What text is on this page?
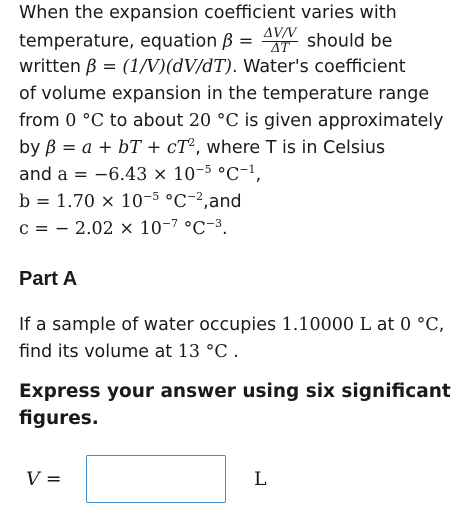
When the expansion coefficient varies with
temperature, equation $\beta = \frac{\Delta V/V}{\Delta T}$ should be
written β = (1/V)(dV/dT). Water's coefficient
of volume expansion in the temperature range
from 0 °C to about 20 °C is given approximately
by β = a + bT + $cT^2$, where T is in Celsius
and $a = -6.43 \times 10^{-5}$ $^\circ C^{-1}$,
$b = 1.70 \times 10^{-5}$ $^\circ C^{-2},and$
c = − $2.02 \times 10^{-7}$ $^\circ C^{-3}$.
Part A
If a sample of water occupies 1.10000 L at 0 °C,
find its volume at 13 °C .
Express your answer using six significant figures.
V =	L
